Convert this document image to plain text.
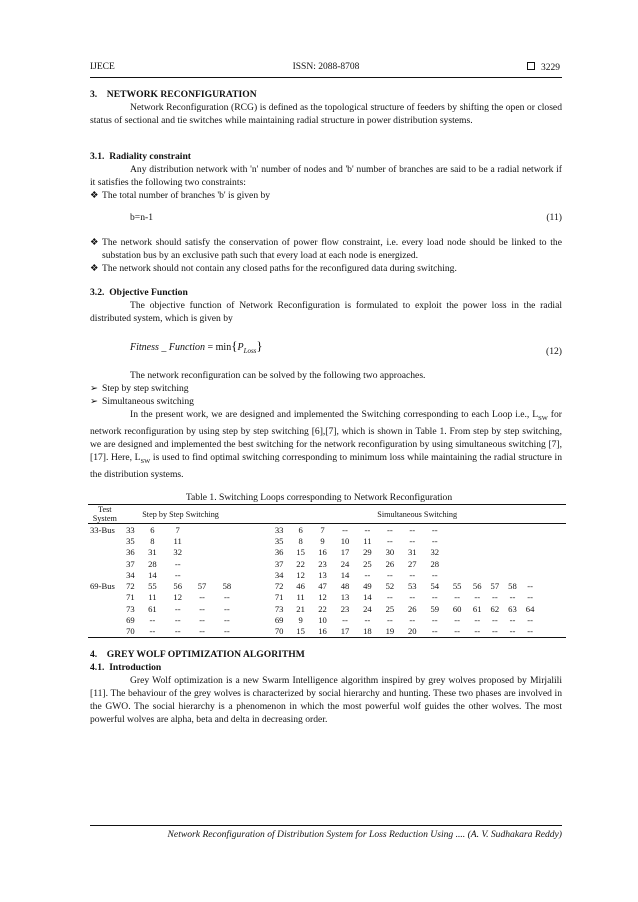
IJECE	ISSN: 2088-8708	3229
3.    NETWORK RECONFIGURATION
Network Reconfiguration (RCG) is defined as the topological structure of feeders by shifting the open or closed status of sectional and tie switches while maintaining radial structure in power distribution systems.
3.1.  Radiality constraint
Any distribution network with 'n' number of nodes and 'b' number of branches are said to be a radial network if it satisfies the following two constraints:
❖ The total number of branches 'b' is given by
b=n-1	(11)
❖ The network should satisfy the conservation of power flow constraint, i.e. every load node should be linked to the substation bus by an exclusive path such that every load at each node is energized.
❖ The network should not contain any closed paths for the reconfigured data during switching.
3.2.  Objective Function
The objective function of Network Reconfiguration is formulated to exploit the power loss in the radial distributed system, which is given by
Fitness _ Function = $\min\{P_{Loss}\}$	(12)
The network reconfiguration can be solved by the following two approaches.
➢ Step by step switching
➢ Simultaneous switching
In the present work, we are designed and implemented the Switching corresponding to each Loop i.e., $L_{SW}$ for network reconfiguration by using step by step switching [6],[7], which is shown in Table 1. From step by step switching, we are designed and implemented the best switching for the network reconfiguration by using simultaneous switching [7],[17]. Here, $L_{SW}$ is used to find optimal switching corresponding to minimum loss while maintaining the radial structure in the distribution systems.
Table 1. Switching Loops corresponding to Network Reconfiguration
Test
System	Step by Step Switching						Simultaneous Switching													
33-Bus	33	6	7				33	6	7	--	--	--	--	--						
	35	8	11				35	8	9	10	11	--	--	--						
	36	31	32				36	15	16	17	29	30	31	32						
	37	28	--				37	22	23	24	25	26	27	28						
	34	14	--				34	12	13	14	--	--	--	--						
69-Bus	72	55	56	57	58		72	46	47	48	49	52	53	54	55	56	57	58	--	
	71	11	12	--	--		71	11	12	13	14	--	--	--	--	--	--	--	--	
	73	61	--	--	--		73	21	22	23	24	25	26	59	60	61	62	63	64	
	69	--	--	--	--		69	9	10	--	--	--	--	--	--	--	--	--	--	
	70	--	--	--	--		70	15	16	17	18	19	20	--	--	--	--	--	--	
4.    GREY WOLF OPTIMIZATION ALGORITHM
4.1.  Introduction
Grey Wolf optimization is a new Swarm Intelligence algorithm inspired by grey wolves proposed by Mirjalili [11]. The behaviour of the grey wolves is characterized by social hierarchy and hunting. These two phases are involved in the GWO. The social hierarchy is a phenomenon in which the most powerful wolf guides the other wolves. The most powerful wolves are alpha, beta and delta in decreasing order.
Network Reconfiguration of Distribution System for Loss Reduction Using .... (A. V. Sudhakara Reddy)
